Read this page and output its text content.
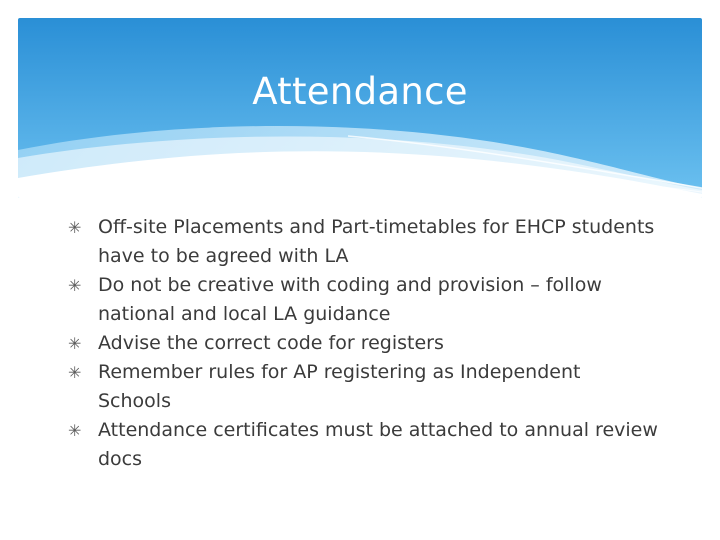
Attendance
✳ Off-site Placements and Part-timetables for EHCP students have to be agreed with LA
✳ Do not be creative with coding and provision – follow national and local LA guidance
✳ Advise the correct code for registers
✳ Remember rules for AP registering as Independent Schools
✳ Attendance certificates must be attached to annual review docs
